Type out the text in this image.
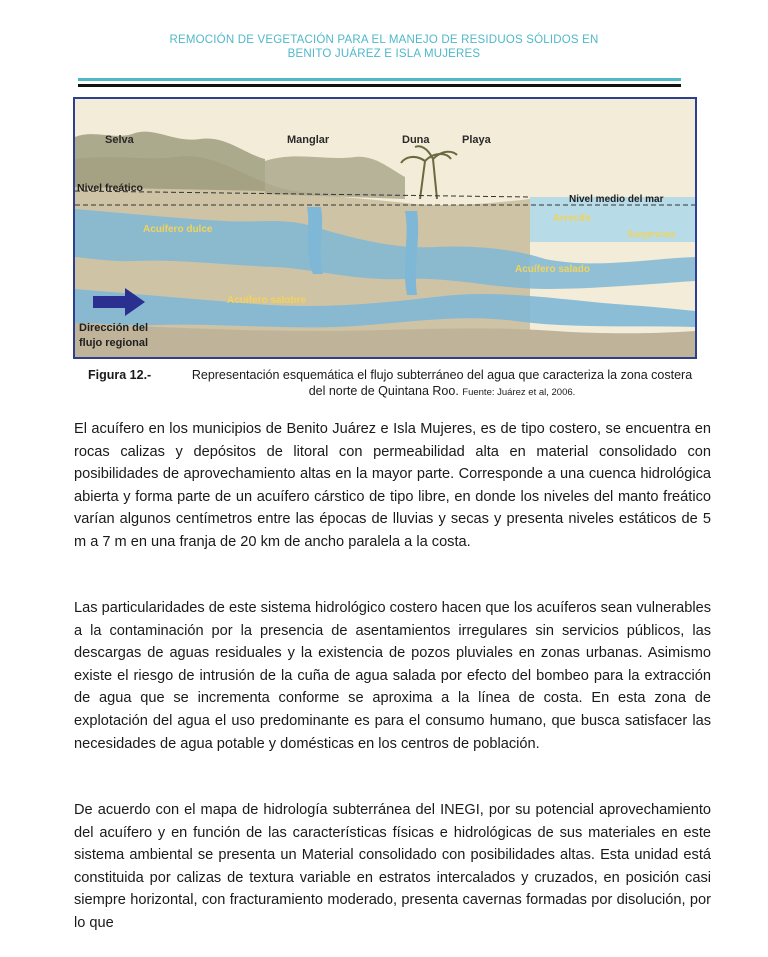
REMOCIÓN DE VEGETACIÓN PARA EL MANEJO DE RESIDUOS SÓLIDOS EN
BENITO JUÁREZ E ISLA MUJERES
Selva	Manglar	Duna	Playa
Nivel freático
Nivel medio del mar
Arrecife
Surgencias
Acuífero dulce
Acuífero salado
Acuífero salobre
Dirección del
flujo regional
Figura 12.-	Representación esquemática el flujo subterráneo del agua que caracteriza la zona costera del norte de Quintana Roo. Fuente: Juárez et al, 2006.

El acuífero en los municipios de Benito Juárez e Isla Mujeres, es de tipo costero, se encuentra en rocas calizas y depósitos de litoral con permeabilidad alta en material consolidado con posibilidades de aprovechamiento altas en la mayor parte. Corresponde a una cuenca hidrológica abierta y forma parte de un acuífero cárstico de tipo libre, en donde los niveles del manto freático varían algunos centímetros entre las épocas de lluvias y secas y presenta niveles estáticos de 5 m a 7 m en una franja de 20 km de ancho paralela a la costa.

Las particularidades de este sistema hidrológico costero hacen que los acuíferos sean vulnerables a la contaminación por la presencia de asentamientos irregulares sin servicios públicos, las descargas de aguas residuales y la existencia de pozos pluviales en zonas urbanas. Asimismo existe el riesgo de intrusión de la cuña de agua salada por efecto del bombeo para la extracción de agua que se incrementa conforme se aproxima a la línea de costa. En esta zona de explotación del agua el uso predominante es para el consumo humano, que busca satisfacer las necesidades de agua potable y domésticas en los centros de población.

De acuerdo con el mapa de hidrología subterránea del INEGI, por su potencial aprovechamiento del acuífero y en función de las características físicas e hidrológicas de sus materiales en este sistema ambiental se presenta un Material consolidado con posibilidades altas. Esta unidad está constituida por calizas de textura variable en estratos intercalados y cruzados, en posición casi siempre horizontal, con fracturamiento moderado, presenta cavernas formadas por disolución, por lo que
